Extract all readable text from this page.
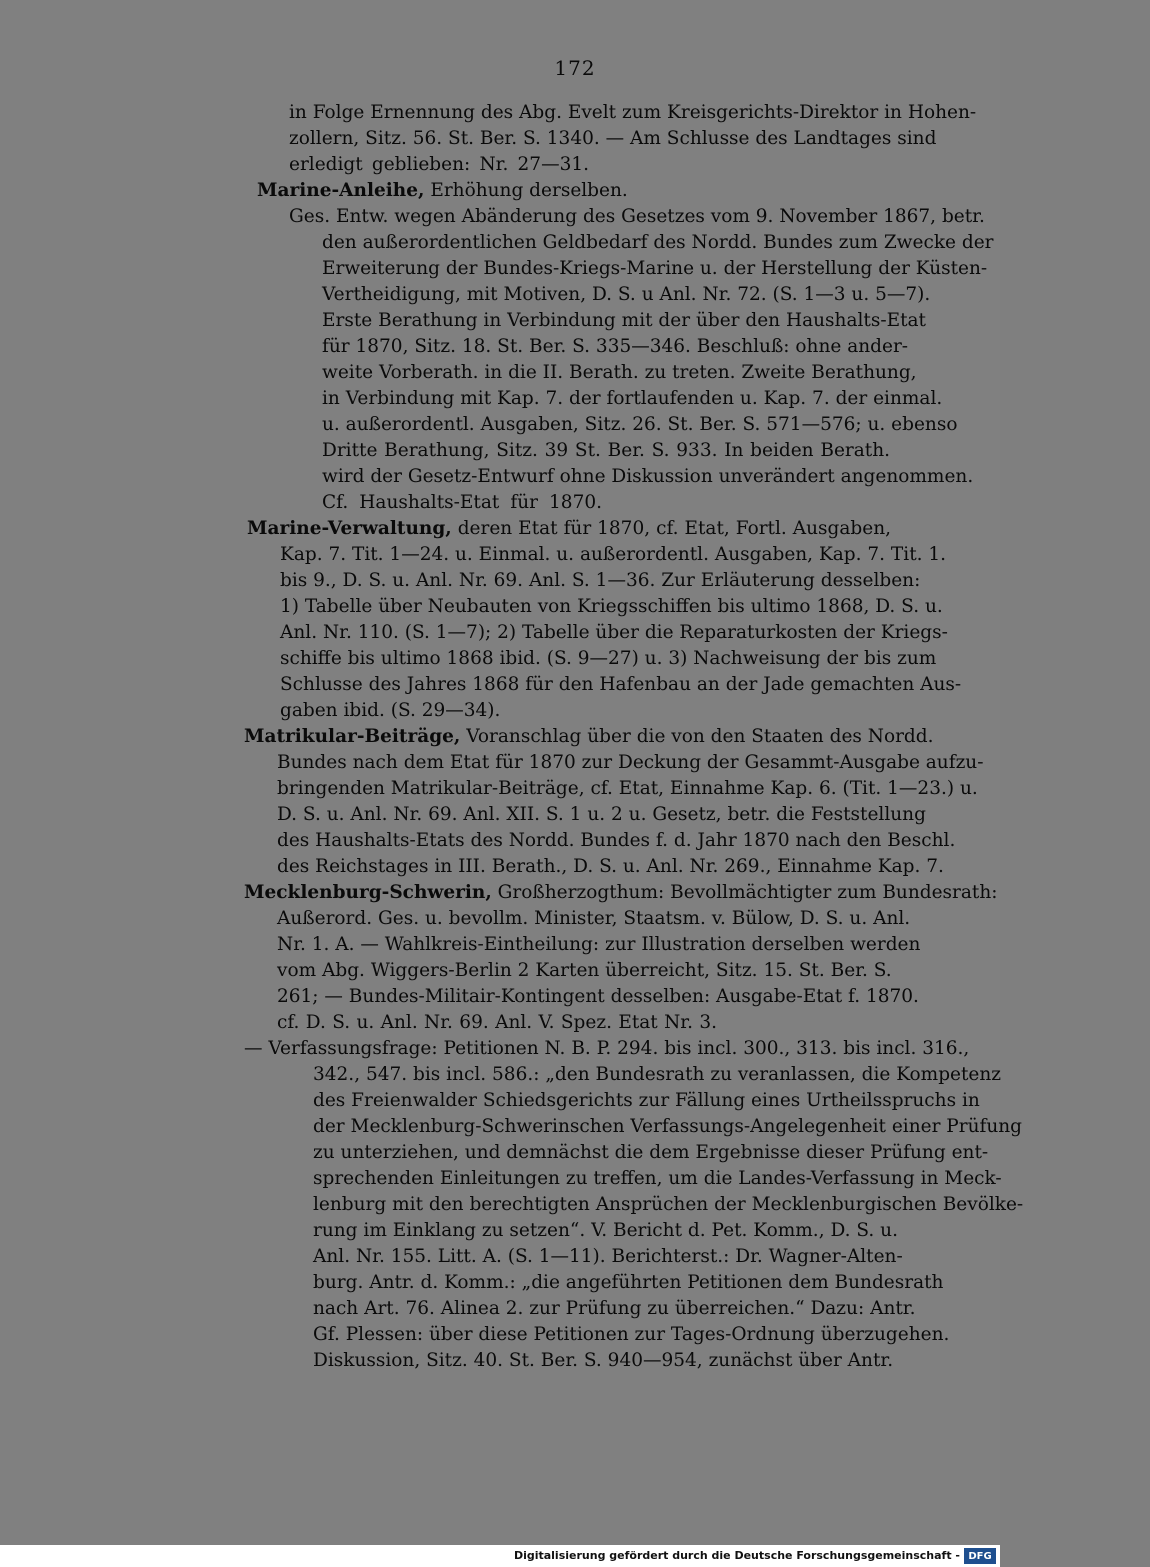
172
in Folge Ernennung des Abg. Evelt zum Kreisgerichts-Direktor in Hohen-
zollern, Sitz. 56. St. Ber. S. 1340. — Am Schlusse des Landtages sind
erledigt geblieben: Nr. 27—31.
Marine-Anleihe, Erhöhung derselben.
Ges. Entw. wegen Abänderung des Gesetzes vom 9. November 1867, betr.
den außerordentlichen Geldbedarf des Nordd. Bundes zum Zwecke der
Erweiterung der Bundes-Kriegs-Marine u. der Herstellung der Küsten-
Vertheidigung, mit Motiven, D. S. u Anl. Nr. 72. (S. 1—3 u. 5—7).
Erste Berathung in Verbindung mit der über den Haushalts-Etat
für 1870, Sitz. 18. St. Ber. S. 335—346. Beschluß: ohne ander-
weite Vorberath. in die II. Berath. zu treten. Zweite Berathung,
in Verbindung mit Kap. 7. der fortlaufenden u. Kap. 7. der einmal.
u. außerordentl. Ausgaben, Sitz. 26. St. Ber. S. 571—576; u. ebenso
Dritte Berathung, Sitz. 39 St. Ber. S. 933. In beiden Berath.
wird der Gesetz-Entwurf ohne Diskussion unverändert angenommen.
Cf. Haushalts-Etat für 1870.
Marine-Verwaltung, deren Etat für 1870, cf. Etat, Fortl. Ausgaben,
Kap. 7. Tit. 1—24. u. Einmal. u. außerordentl. Ausgaben, Kap. 7. Tit. 1.
bis 9., D. S. u. Anl. Nr. 69. Anl. S. 1—36. Zur Erläuterung desselben:
1) Tabelle über Neubauten von Kriegsschiffen bis ultimo 1868, D. S. u.
Anl. Nr. 110. (S. 1—7); 2) Tabelle über die Reparaturkosten der Kriegs-
schiffe bis ultimo 1868 ibid. (S. 9—27) u. 3) Nachweisung der bis zum
Schlusse des Jahres 1868 für den Hafenbau an der Jade gemachten Aus-
gaben ibid. (S. 29—34).
Matrikular-Beiträge, Voranschlag über die von den Staaten des Nordd.
Bundes nach dem Etat für 1870 zur Deckung der Gesammt-Ausgabe aufzu-
bringenden Matrikular-Beiträge, cf. Etat, Einnahme Kap. 6. (Tit. 1—23.) u.
D. S. u. Anl. Nr. 69. Anl. XII. S. 1 u. 2 u. Gesetz, betr. die Feststellung
des Haushalts-Etats des Nordd. Bundes f. d. Jahr 1870 nach den Beschl.
des Reichstages in III. Berath., D. S. u. Anl. Nr. 269., Einnahme Kap. 7.
Mecklenburg-Schwerin, Großherzogthum: Bevollmächtigter zum Bundesrath:
Außerord. Ges. u. bevollm. Minister, Staatsm. v. Bülow, D. S. u. Anl.
Nr. 1. A. — Wahlkreis-Eintheilung: zur Illustration derselben werden
vom Abg. Wiggers-Berlin 2 Karten überreicht, Sitz. 15. St. Ber. S.
261; — Bundes-Militair-Kontingent desselben: Ausgabe-Etat f. 1870.
cf. D. S. u. Anl. Nr. 69. Anl. V. Spez. Etat Nr. 3.
— Verfassungsfrage: Petitionen N. B. P. 294. bis incl. 300., 313. bis incl. 316.,
342., 547. bis incl. 586.: „den Bundesrath zu veranlassen, die Kompetenz
des Freienwalder Schiedsgerichts zur Fällung eines Urtheilsspruchs in
der Mecklenburg-Schwerinschen Verfassungs-Angelegenheit einer Prüfung
zu unterziehen, und demnächst die dem Ergebnisse dieser Prüfung ent-
sprechenden Einleitungen zu treffen, um die Landes-Verfassung in Meck-
lenburg mit den berechtigten Ansprüchen der Mecklenburgischen Bevölke-
rung im Einklang zu setzen“. V. Bericht d. Pet. Komm., D. S. u.
Anl. Nr. 155. Litt. A. (S. 1—11). Berichterst.: Dr. Wagner-Alten-
burg. Antr. d. Komm.: „die angeführten Petitionen dem Bundesrath
nach Art. 76. Alinea 2. zur Prüfung zu überreichen.“ Dazu: Antr.
Gf. Plessen: über diese Petitionen zur Tages-Ordnung überzugehen.
Diskussion, Sitz. 40. St. Ber. S. 940—954, zunächst über Antr.
Digitalisierung gefördert durch die Deutsche Forschungsgemeinschaft - DFG
